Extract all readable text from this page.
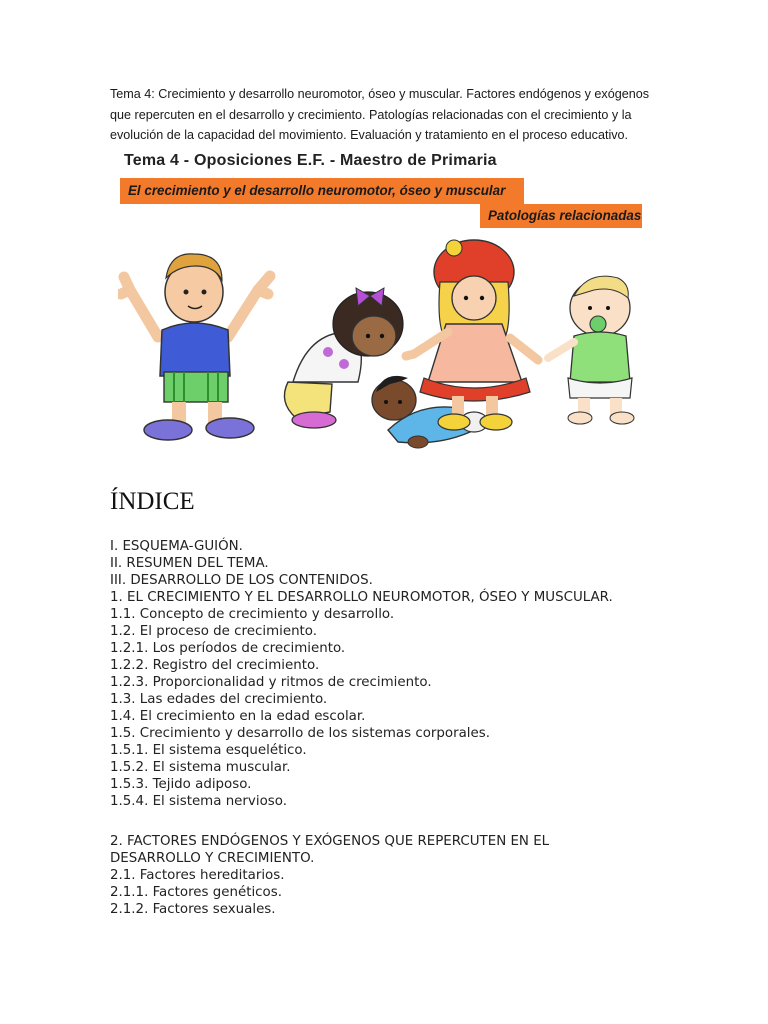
Tema 4: Crecimiento y desarrollo neuromotor, óseo y muscular. Factores endógenos y exógenos que repercuten en el desarrollo y crecimiento. Patologías relacionadas con el crecimiento y la evolución de la capacidad del movimiento. Evaluación y tratamiento en el proceso educativo.

Tema 4 - Oposiciones E.F. - Maestro de Primaria
El crecimiento y el desarrollo neuromotor, óseo y muscular
Patologías relacionadas
ÍNDICE
I. ESQUEMA-GUIÓN.
II. RESUMEN DEL TEMA.
III. DESARROLLO DE LOS CONTENIDOS.
1. EL CRECIMIENTO Y EL DESARROLLO NEUROMOTOR, ÓSEO Y MUSCULAR.
1.1. Concepto de crecimiento y desarrollo.
1.2. El proceso de crecimiento.
1.2.1. Los períodos de crecimiento.
1.2.2. Registro del crecimiento.
1.2.3. Proporcionalidad y ritmos de crecimiento.
1.3. Las edades del crecimiento.
1.4. El crecimiento en la edad escolar.
1.5. Crecimiento y desarrollo de los sistemas corporales.
1.5.1. El sistema esquelético.
1.5.2. El sistema muscular.
1.5.3. Tejido adiposo.
1.5.4. El sistema nervioso.
2. FACTORES ENDÓGENOS Y EXÓGENOS QUE REPERCUTEN EN EL DESARROLLO Y CRECIMIENTO.
2.1. Factores hereditarios.
2.1.1. Factores genéticos.
2.1.2. Factores sexuales.
